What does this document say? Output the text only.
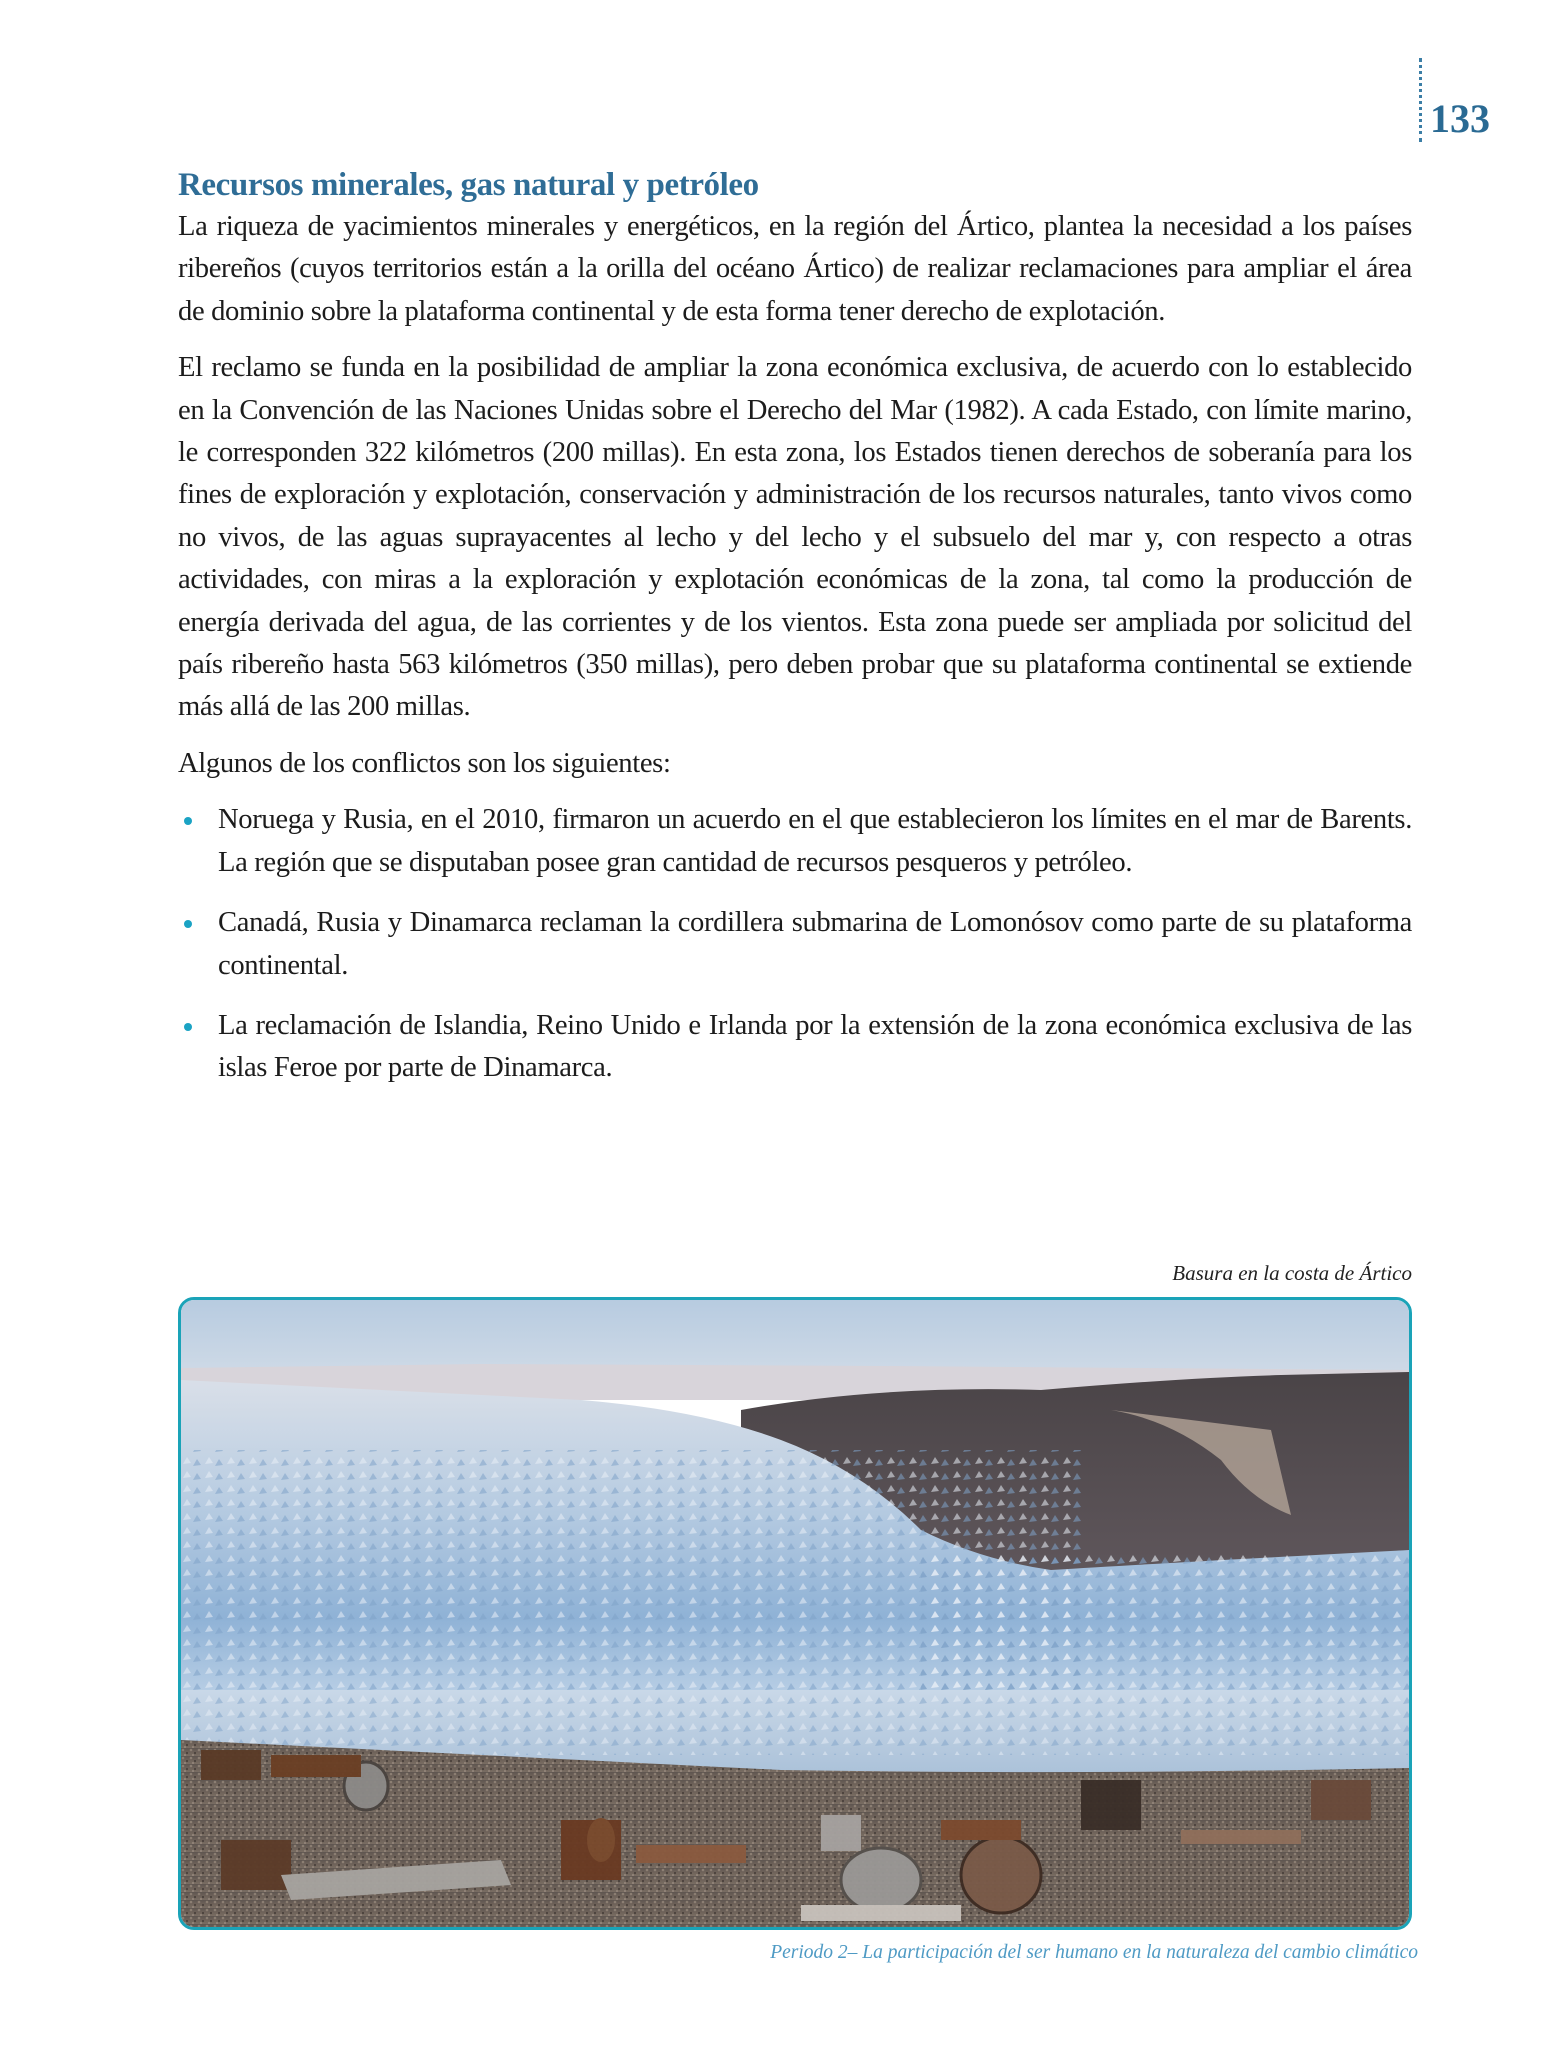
133
Recursos minerales, gas natural y petróleo

La riqueza de yacimientos minerales y energéticos, en la región del Ártico, plantea la necesidad a los países ribereños (cuyos territorios están a la orilla del océano Ártico) de realizar reclamaciones para ampliar el área de dominio sobre la plataforma continental y de esta forma tener derecho de explotación.

El reclamo se funda en la posibilidad de ampliar la zona económica exclusiva, de acuerdo con lo establecido en la Convención de las Naciones Unidas sobre el Derecho del Mar (1982). A cada Estado, con límite marino, le corresponden 322 kilómetros (200 millas). En esta zona, los Estados tienen derechos de soberanía para los fines de exploración y explotación, conservación y administración de los recursos naturales, tanto vivos como no vivos, de las aguas suprayacentes al lecho y del lecho y el subsuelo del mar y, con respecto a otras actividades, con miras a la exploración y explotación económicas de la zona, tal como la producción de energía derivada del agua, de las corrientes y de los vientos. Esta zona puede ser ampliada por solicitud del país ribereño hasta 563 kilómetros (350 millas), pero deben probar que su plataforma continental se extiende más allá de las 200 millas.

Algunos de los conflictos son los siguientes:

Noruega y Rusia, en el 2010, firmaron un acuerdo en el que establecieron los límites en el mar de Barents. La región que se disputaban posee gran cantidad de recursos pesqueros y petróleo.
Canadá, Rusia y Dinamarca reclaman la cordillera submarina de Lomonósov como parte de su plataforma continental.
La reclamación de Islandia, Reino Unido e Irlanda por la extensión de la zona económica exclusiva de las islas Feroe por parte de Dinamarca.
Basura en la costa de Ártico
Periodo 2– La participación del ser humano en la naturaleza del cambio climático
